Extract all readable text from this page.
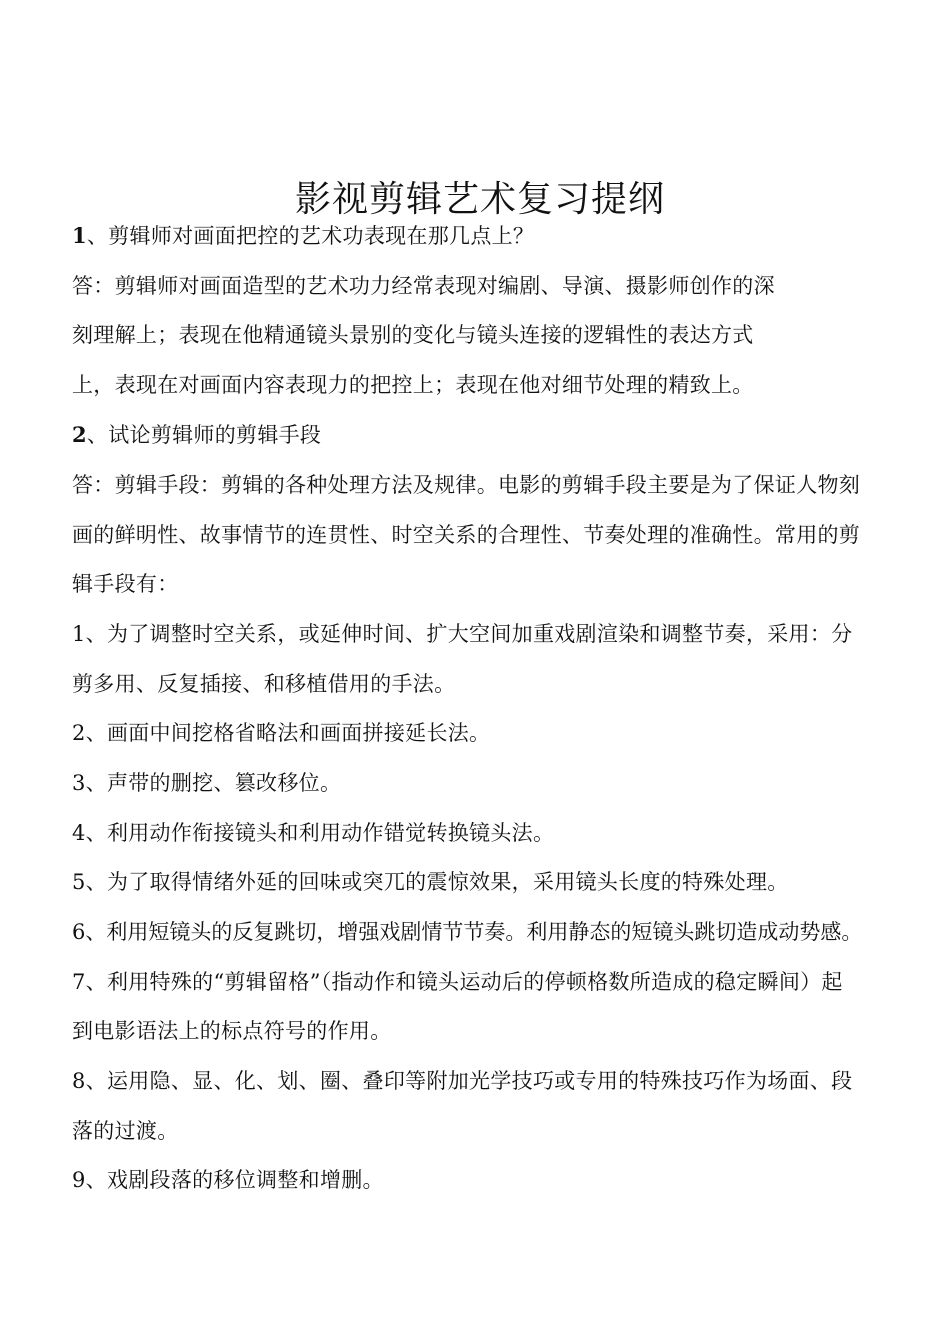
影视剪辑艺术复习提纲
1、剪辑师对画面把控的艺术功表现在那几点上？
答：剪辑师对画面造型的艺术功力经常表现对编剧、导演、摄影师创作的深
刻理解上；表现在他精通镜头景别的变化与镜头连接的逻辑性的表达方式
上，表现在对画面内容表现力的把控上；表现在他对细节处理的精致上。
2、试论剪辑师的剪辑手段
答：剪辑手段：剪辑的各种处理方法及规律。电影的剪辑手段主要是为了保证人物刻
画的鲜明性、故事情节的连贯性、时空关系的合理性、节奏处理的准确性。常用的剪
辑手段有：
1、为了调整时空关系，或延伸时间、扩大空间加重戏剧渲染和调整节奏，采用：分
剪多用、反复插接、和移植借用的手法。
2、画面中间挖格省略法和画面拼接延长法。
3、声带的删挖、篡改移位。
4、利用动作衔接镜头和利用动作错觉转换镜头法。
5、为了取得情绪外延的回味或突兀的震惊效果，采用镜头长度的特殊处理。
6、利用短镜头的反复跳切，增强戏剧情节节奏。利用静态的短镜头跳切造成动势感。
7、利用特殊的“剪辑留格”（指动作和镜头运动后的停顿格数所造成的稳定瞬间）起
到电影语法上的标点符号的作用。
8、运用隐、显、化、划、圈、叠印等附加光学技巧或专用的特殊技巧作为场面、段
落的过渡。
9、戏剧段落的移位调整和增删。
